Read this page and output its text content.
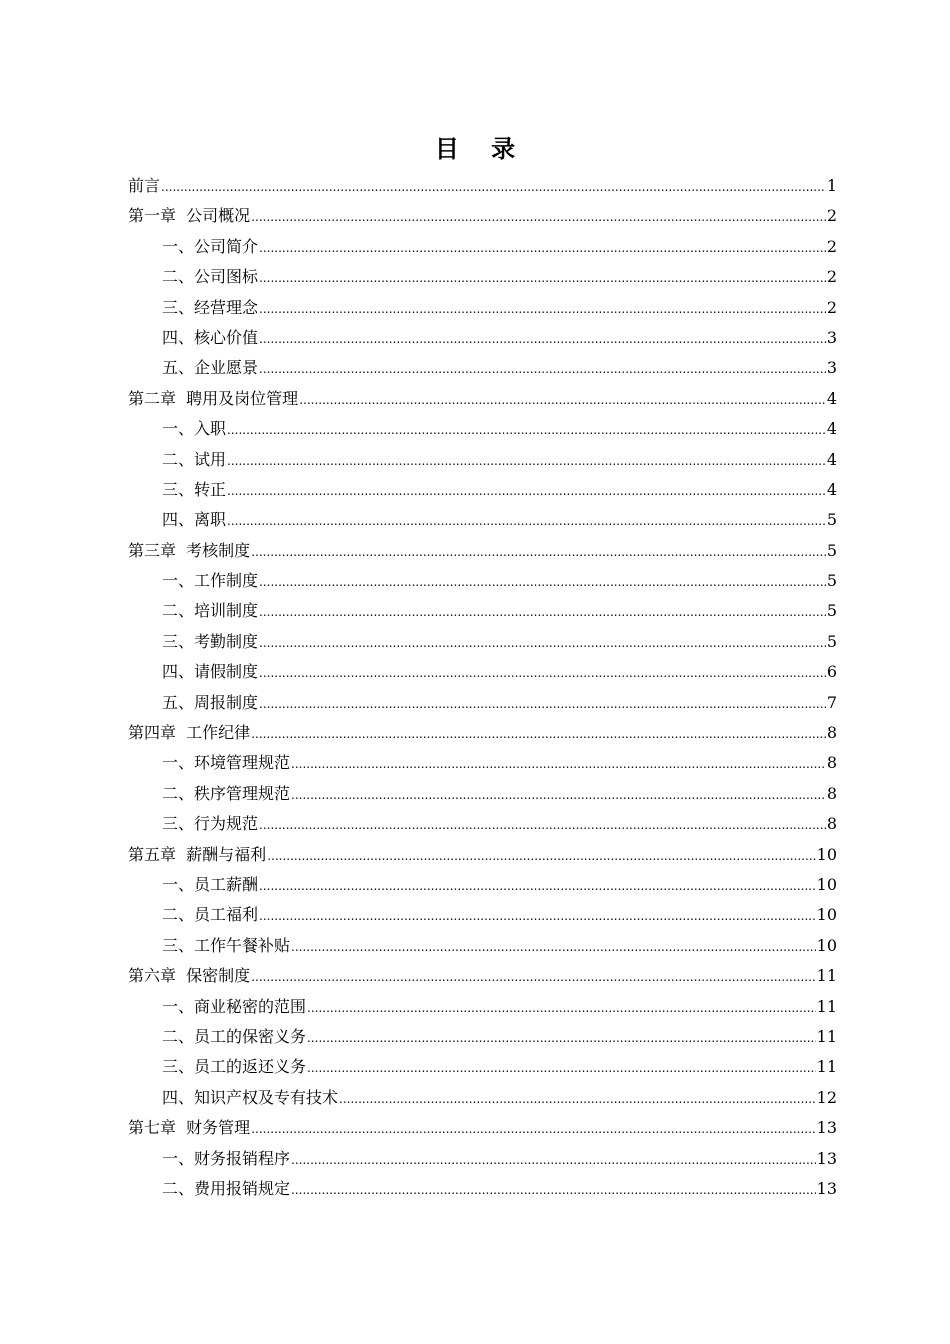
目 录
前言 .....	1
第一章  公司概况 .....	2
一、公司简介 .....	2
二、公司图标 .....	2
三、经营理念 .....	2
四、核心价值 .....	3
五、企业愿景 .....	3
第二章  聘用及岗位管理 .....	4
一、入职 .....	4
二、试用 .....	4
三、转正 .....	4
四、离职 .....	5
第三章  考核制度 .....	5
一、工作制度 .....	5
二、培训制度 .....	5
三、考勤制度 .....	5
四、请假制度 .....	6
五、周报制度 .....	7
第四章  工作纪律 .....	8
一、环境管理规范 .....	8
二、秩序管理规范 .....	8
三、行为规范 .....	8
第五章  薪酬与福利 .....	10
一、员工薪酬 .....	10
二、员工福利 .....	10
三、工作午餐补贴 .....	10
第六章  保密制度 .....	11
一、商业秘密的范围 .....	11
二、员工的保密义务 .....	11
三、员工的返还义务 .....	11
四、知识产权及专有技术 .....	12
第七章  财务管理 .....	13
一、财务报销程序 .....	13
二、费用报销规定 .....	13
